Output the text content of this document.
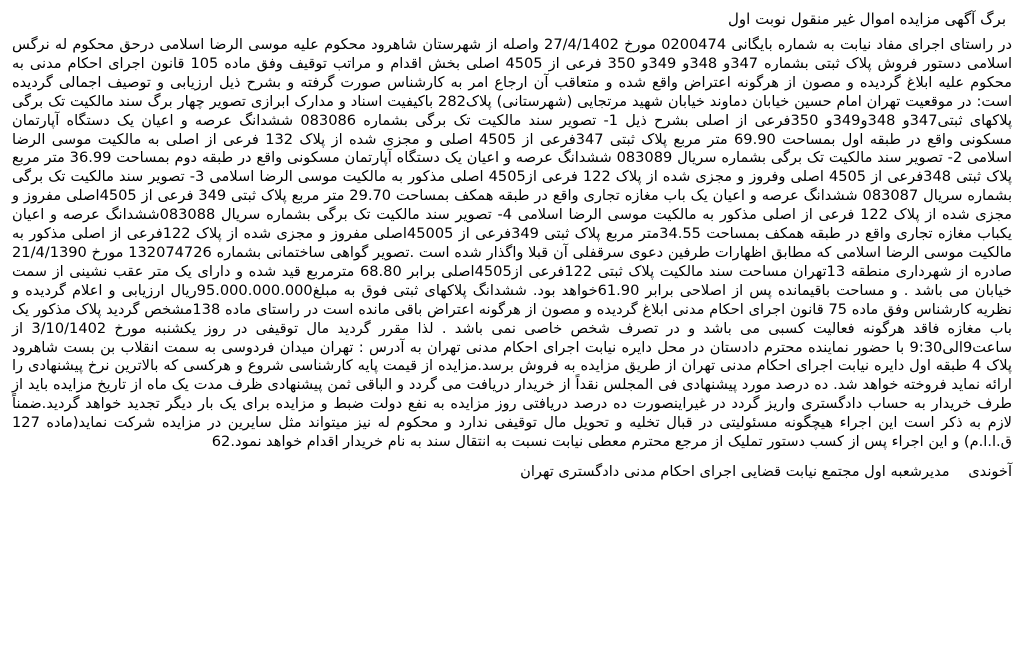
برگ آگهی مزایده اموال غیر منقول نوبت اول

در راستای اجرای مفاد نیابت به شماره بایگانی 0200474 مورخ 27/4/1402 واصله از شهرستان شاهرود محکوم علیه موسی الرضا اسلامی درحق محکوم له نرگس اسلامی دستور فروش پلاک ثبتی بشماره 347و 348و 349و 350 فرعی از 4505 اصلی بخش اقدام و مراتب توقیف وفق ماده 105 قانون اجرای احکام مدنی به محکوم علیه ابلاغ گردیده و مصون از هرگونه اعتراض واقع شده و متعاقب آن ارجاع امر به کارشناس صورت گرفته و بشرح ذیل ارزیابی و توصیف اجمالی گردیده است: در موقعیت تهران امام حسین خیابان دماوند خیابان شهید مرتجایی (شهرستانی) پلاک282 باکیفیت اسناد و مدارک ابرازی تصویر چهار برگ سند مالکیت تک برگی پلاکهای ثبتی347و 348و349و 350فرعی از اصلی بشرح ذیل 1- تصویر سند مالکیت تک برگی بشماره 083086 ششدانگ عرصه و اعیان یک دستگاه آپارتمان مسکونی واقع در طبقه اول بمساحت 69.90 متر مربع پلاک ثبتی 347فرعی از 4505 اصلی و مجزی شده از پلاک 132 فرعی از اصلی به مالکیت موسی الرضا اسلامی 2- تصویر سند مالکیت تک برگی بشماره سریال 083089 ششدانگ عرصه و اعیان یک دستگاه آپارتمان مسکونی واقع در طبقه دوم بمساحت 36.99 متر مربع پلاک ثبتی 348فرعی از 4505 اصلی وفروز و مجزی شده از پلاک 122 فرعی از4505 اصلی مذکور به مالکیت موسی الرضا اسلامی 3- تصویر سند مالکیت تک برگی بشماره سریال 083087 ششدانگ عرصه و اعیان یک باب مغازه تجاری واقع در طبقه همکف بمساحت 29.70 متر مربع پلاک ثبتی 349 فرعی از 4505اصلی مفروز و مجزی شده از پلاک 122 فرعی از اصلی مذکور به مالکیت موسی الرضا اسلامی 4- تصویر سند مالکیت تک برگی بشماره سریال 083088ششدانگ عرصه و اعیان یکباب مغازه تجاری واقع در طبقه همکف بمساحت 34.55متر مربع پلاک ثبتی 349فرعی از 45005اصلی مفروز و مجزی شده از پلاک 122فرعی از اصلی مذکور به مالکیت موسی الرضا اسلامی که مطابق اظهارات طرفین دعوی سرقفلی آن قبلا واگذار شده است .تصویر گواهی ساختمانی بشماره 132074726 مورخ 21/4/1390 صادره از شهرداری منطقه 13تهران مساحت سند مالکیت پلاک ثبتی 122فرعی از4505اصلی برابر 68.80 مترمربع قید شده و دارای یک متر عقب نشینی از سمت خیابان می باشد . و مساحت باقیمانده پس از اصلاحی برابر 61.90خواهد بود. ششدانگ پلاکهای ثبتی فوق به مبلغ95.000.000.000ریال ارزیابی و اعلام گردیده و نظریه کارشناس وفق ماده 75 قانون اجرای احکام مدنی ابلاغ گردیده و مصون از هرگونه اعتراض باقی مانده است در راستای ماده 138مشخص گردید پلاک مذکور یک باب مغازه فاقد هرگونه فعالیت کسبی می باشد و در تصرف شخص خاصی نمی باشد . لذا مقرر گردید مال توقیفی در روز یکشنبه مورخ 3/10/1402 از ساعت9الی9:30 با حضور نماینده محترم دادستان در محل دایره نیابت اجرای احکام مدنی تهران به آدرس : تهران میدان فردوسی به سمت انقلاب بن بست شاهرود پلاک 4 طبقه اول دایره نیابت اجرای احکام مدنی تهران از طریق مزایده به فروش برسد.مزایده از قیمت پایه کارشناسی شروع و هرکسی که بالاترین نرخ پیشنهادی را ارائه نماید فروخته خواهد شد. ده درصد مورد پیشنهادی فی المجلس نقداً از خریدار دریافت می گردد و الباقی ثمن پیشنهادی ظرف مدت یک ماه از تاریخ مزایده باید از طرف خریدار به حساب دادگستری واریز گردد در غیراینصورت ده درصد دریافتی روز مزایده به نفع دولت ضبط و مزایده برای یک بار دیگر تجدید خواهد گردید.ضمناً لازم به ذکر است این اجراء هیچگونه مسئولیتی در قبال تخلیه و تحویل مال توقیفی ندارد و محکوم له نیز میتواند مثل سایرین در مزایده شرکت نماید(ماده 127 ق.ا.ا.م) و این اجراء پس از کسب دستور تملیک از مرجع محترم معطی نیابت نسبت به انتقال سند به نام خریدار اقدام خواهد نمود.62

آخوندی مدیرشعبه اول مجتمع نیابت قضایی اجرای احکام مدنی دادگستری تهران
